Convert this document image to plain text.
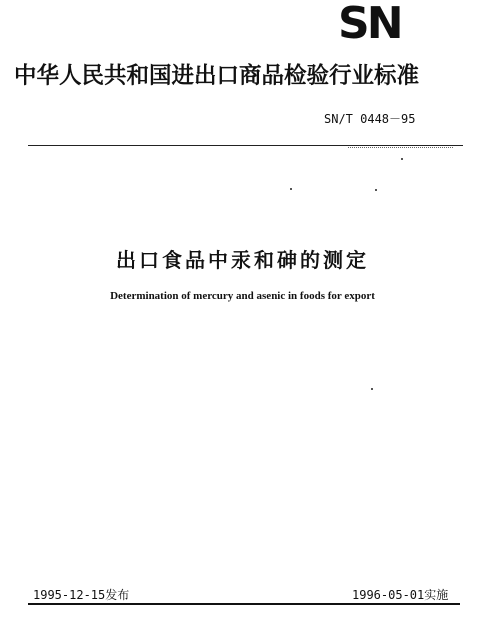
SN
中华人民共和国进出口商品检验行业标准
SN/T 0448－95
出口食品中汞和砷的测定
Determination of mercury and asenic in foods for export
1995-12-15发布	1996-05-01实施
